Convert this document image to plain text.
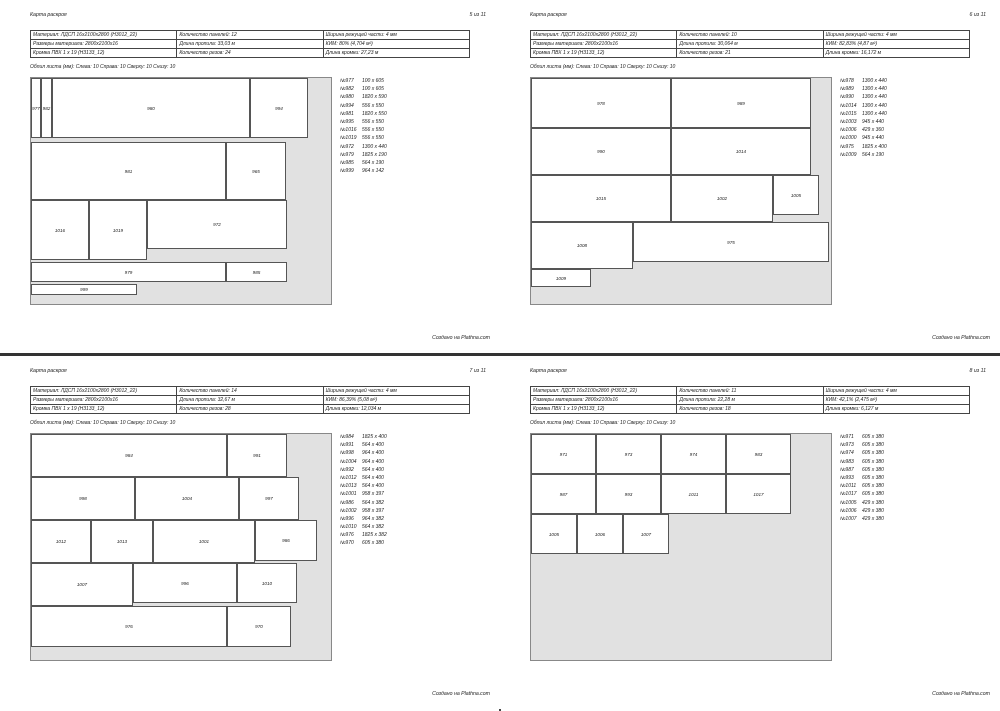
Карта раскроя	5 из 11
Материал: ЛДСП 16х2100х2800 (H3012_22)	Количество панелей: 12	Ширина режущей части: 4 мм
Размеры материала: 2800х2100х16	Длина пропила: 33,03 м	КИМ: 80% (4,704 м²)
Кромка ПВХ 1 х 19 (H3133_12)	Количество резов: 24	Длина кромки: 27,23 м
Обпил листа (мм): Слева: 10 Справа: 10 Сверху: 10 Снизу: 10
977 982	980	994
981	965
1016	1019
972
979	985
999
№977 100 x 605
№982 100 x 605
№980 1820 x 590
№994 556 x 550
№981 1820 x 550
№995 556 x 550
№1016 556 x 550
№1019 556 x 550
№972 1300 x 440
№979 1825 x 190
№985 564 x 190
№999 964 x 142
Создано на Plathna.com
Карта раскроя	6 из 11
Материал: ЛДСП 16х2100х2800 (H3012_22)	Количество панелей: 10	Ширина режущей части: 4 мм
Размеры материала: 2800х2100х16	Длина пропила: 30,064 м	КИМ: 82,83% (4,87 м²)
Кромка ПВХ 1 х 19 (H3133_12)	Количество резов: 21	Длина кромки: 16,172 м
Обпил листа (мм): Слева: 10 Справа: 10 Сверху: 10 Снизу: 10
978	989
990	1014
1015	1002
1005
1008
975
1009
№978 1300 x 440
№989 1300 x 440
№990 1300 x 440
№1014 1300 x 440
№1015 1300 x 440
№1003 945 x 440
№1006 429 x 360
№1000 945 x 440
№975 1825 x 400
№1009 564 x 190
Создано на Plathna.com
Карта раскроя	7 из 11
Материал: ЛДСП 16х2100х2800 (H3012_22)	Количество панелей: 14	Ширина режущей части: 4 мм
Размеры материала: 2800х2100х16	Длина пропила: 32,67 м	КИМ: 86,39% (5,08 м²)
Кромка ПВХ 1 х 19 (H3133_12)	Количество резов: 28	Длина кромки: 12,034 м
Обпил листа (мм): Слева: 10 Справа: 10 Сверху: 10 Снизу: 10
984	991
998	1004	997
1012	1013	1001	986
1007	996	1010
976	970
№984 1825 x 400
№991 564 x 400
№998 964 x 400
№1004 964 x 400
№992 564 x 400
№1012 564 x 400
№1013 564 x 400
№1001 958 x 397
№986 564 x 382
№1002 958 x 397
№996 964 x 382
№1010 564 x 382
№976 1825 x 382
№970 605 x 380
Создано на Plathna.com
Карта раскроя	8 из 11
Материал: ЛДСП 16х2100х2800 (H3012_22)	Количество панелей: 11	Ширина режущей части: 4 мм
Размеры материала: 2800х2100х16	Длина пропила: 22,28 м	КИМ: 42,1% (2,475 м²)
Кромка ПВХ 1 х 19 (H3133_12)	Количество резов: 18	Длина кромки: 6,127 м
Обпил листа (мм): Слева: 10 Справа: 10 Сверху: 10 Снизу: 10
971	973	974	983
987	993	1011	1017
1005	1006	1007
№971 605 x 380
№973 605 x 380
№974 605 x 380
№983 605 x 380
№987 605 x 380
№993 605 x 380
№1011 605 x 380
№1017 605 x 380
№1005 429 x 380
№1006 429 x 380
№1007 429 x 380
Создано на Plathna.com
